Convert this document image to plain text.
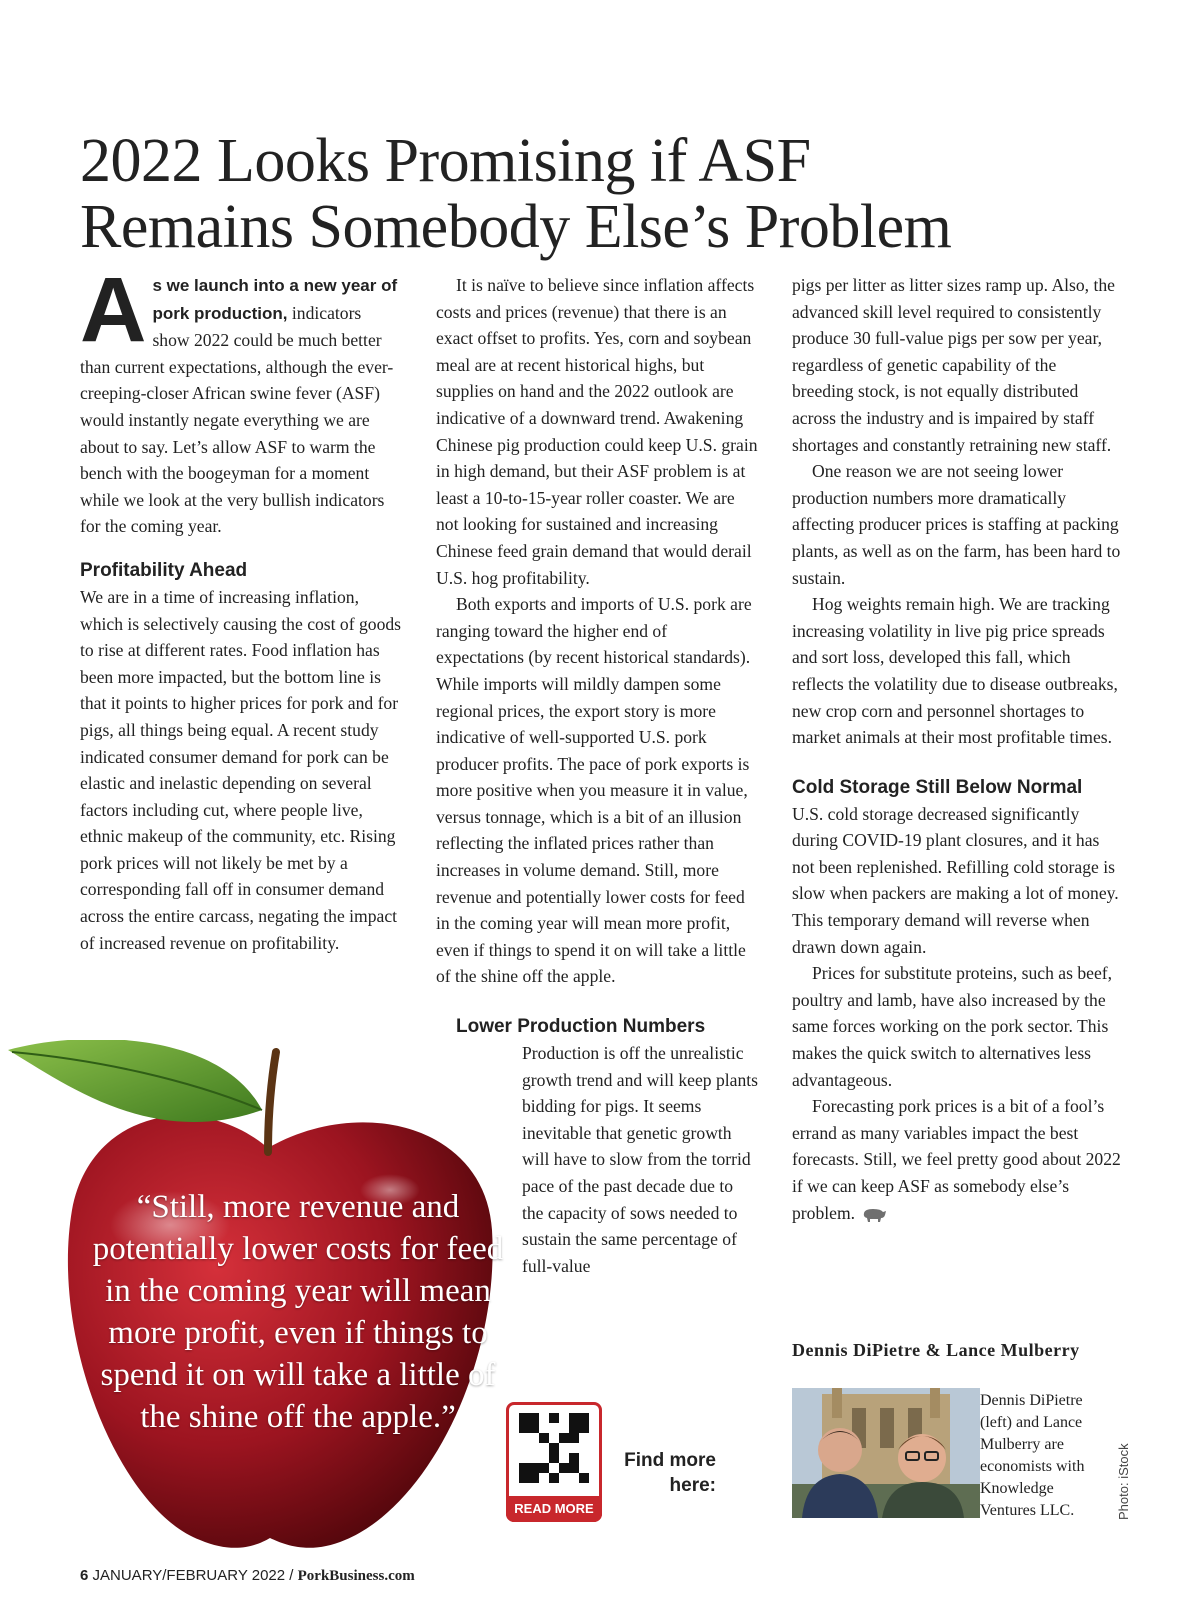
2022 Looks Promising if ASF
Remains Somebody Else’s Problem

As we launch into a new year of pork production, indicators show 2022 could be much better than current expectations, although the ever-creeping-closer African swine fever (ASF) would instantly negate everything we are about to say. Let’s allow ASF to warm the bench with the boogeyman for a moment while we look at the very bullish indicators for the coming year.

Profitability Ahead

We are in a time of increasing inflation, which is selectively causing the cost of goods to rise at different rates. Food inflation has been more impacted, but the bottom line is that it points to higher prices for pork and for pigs, all things being equal. A recent study indicated consumer demand for pork can be elastic and inelastic depending on several factors including cut, where people live, ethnic makeup of the community, etc. Rising pork prices will not likely be met by a corresponding fall off in consumer demand across the entire carcass, negating the impact of increased revenue on profitability.

It is naïve to believe since inflation affects costs and prices (revenue) that there is an exact offset to profits. Yes, corn and soybean meal are at recent historical highs, but supplies on hand and the 2022 outlook are indicative of a downward trend. Awakening Chinese pig production could keep U.S. grain in high demand, but their ASF problem is at least a 10-to-15-year roller coaster. We are not looking for sustained and increasing Chinese feed grain demand that would derail U.S. hog profitability.

Both exports and imports of U.S. pork are ranging toward the higher end of expectations (by recent historical standards). While imports will mildly dampen some regional prices, the export story is more indicative of well-supported U.S. pork producer profits. The pace of pork exports is more positive when you measure it in value, versus tonnage, which is a bit of an illusion reflecting the inflated prices rather than increases in volume demand. Still, more revenue and potentially lower costs for feed in the coming year will mean more profit, even if things to spend it on will take a little of the shine off the apple.

Lower Production Numbers

Production is off the unrealistic growth trend and will keep plants bidding for pigs. It seems inevitable that genetic growth will have to slow from the torrid pace of the past decade due to the capacity of sows needed to sustain the same percentage of full-value

pigs per litter as litter sizes ramp up. Also, the advanced skill level required to consistently produce 30 full-value pigs per sow per year, regardless of genetic capability of the breeding stock, is not equally distributed across the industry and is impaired by staff shortages and constantly retraining new staff.

One reason we are not seeing lower production numbers more dramatically affecting producer prices is staffing at packing plants, as well as on the farm, has been hard to sustain.

Hog weights remain high. We are tracking increasing volatility in live pig price spreads and sort loss, developed this fall, which reflects the volatility due to disease outbreaks, new crop corn and personnel shortages to market animals at their most profitable times.

Cold Storage Still Below Normal

U.S. cold storage decreased significantly during COVID-19 plant closures, and it has not been replenished. Refilling cold storage is slow when packers are making a lot of money. This temporary demand will reverse when drawn down again.

Prices for substitute proteins, such as beef, poultry and lamb, have also increased by the same forces working on the pork sector. This makes the quick switch to alternatives less advantageous.

Forecasting pork prices is a bit of a fool’s errand as many variables impact the best forecasts. Still, we feel pretty good about 2022 if we can keep ASF as somebody else’s problem.

“Still, more revenue and potentially lower costs for feed in the coming year will mean more profit, even if things to spend it on will take a little of the shine off the apple.”

READ MORE

Find more here:

Dennis DiPietre & Lance Mulberry

Dennis DiPietre (left) and Lance Mulberry are economists with Knowledge Ventures LLC.	Photo: iStock

6 JANUARY/FEBRUARY 2022 / PorkBusiness.com
